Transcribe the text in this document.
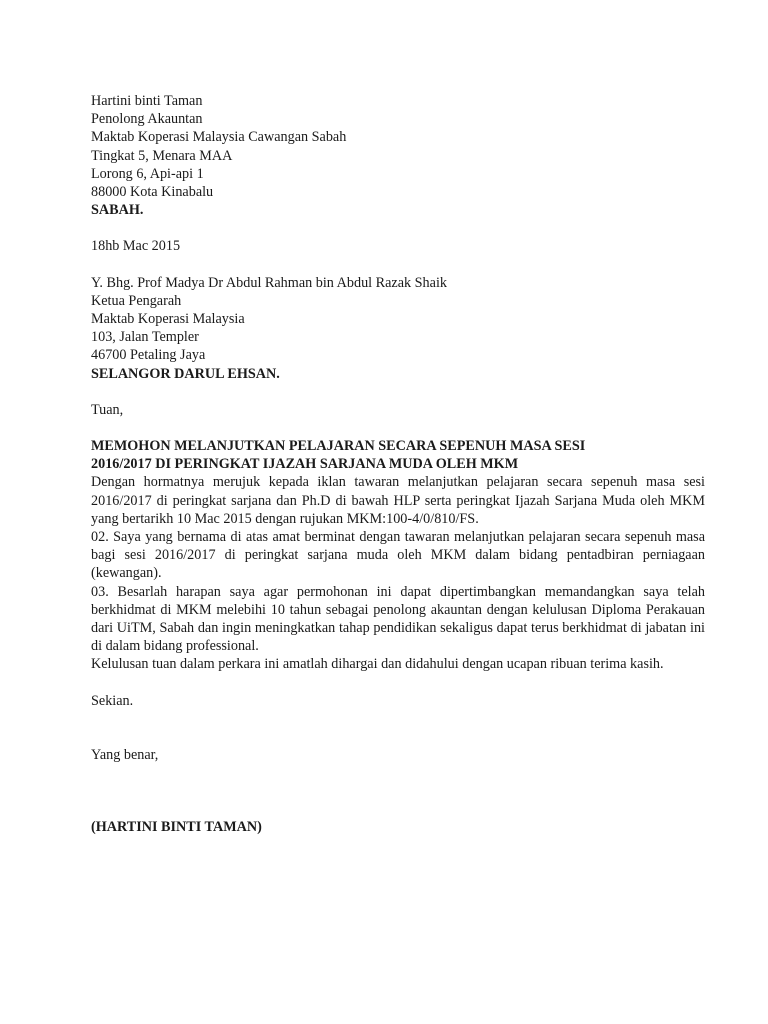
Hartini binti Taman
Penolong Akauntan
Maktab Koperasi Malaysia Cawangan Sabah
Tingkat 5, Menara MAA
Lorong 6, Api-api 1
88000 Kota Kinabalu
SABAH.
18hb Mac 2015
Y. Bhg. Prof Madya Dr Abdul Rahman bin Abdul Razak Shaik
Ketua Pengarah
Maktab Koperasi Malaysia
103, Jalan Templer
46700 Petaling Jaya
SELANGOR DARUL EHSAN.
Tuan,
MEMOHON MELANJUTKAN PELAJARAN SECARA SEPENUH MASA SESI
2016/2017 DI PERINGKAT IJAZAH SARJANA MUDA OLEH MKM

Dengan hormatnya merujuk kepada iklan tawaran melanjutkan pelajaran secara sepenuh masa sesi 2016/2017 di peringkat sarjana dan Ph.D di bawah HLP serta peringkat Ijazah Sarjana Muda oleh MKM yang bertarikh 10 Mac 2015 dengan rujukan MKM:100-4/0/810/FS.

02. Saya yang bernama di atas amat berminat dengan tawaran melanjutkan pelajaran secara sepenuh masa bagi sesi 2016/2017 di peringkat sarjana muda oleh MKM dalam bidang pentadbiran perniagaan (kewangan).

03. Besarlah harapan saya agar permohonan ini dapat dipertimbangkan memandangkan saya telah berkhidmat di MKM melebihi 10 tahun sebagai penolong akauntan dengan kelulusan Diploma Perakauan dari UiTM, Sabah dan ingin meningkatkan tahap pendidikan sekaligus dapat terus berkhidmat di jabatan ini di dalam bidang professional.

Kelulusan tuan dalam perkara ini amatlah dihargai dan didahului dengan ucapan ribuan terima kasih.

Sekian.
Yang benar,
(HARTINI BINTI TAMAN)
